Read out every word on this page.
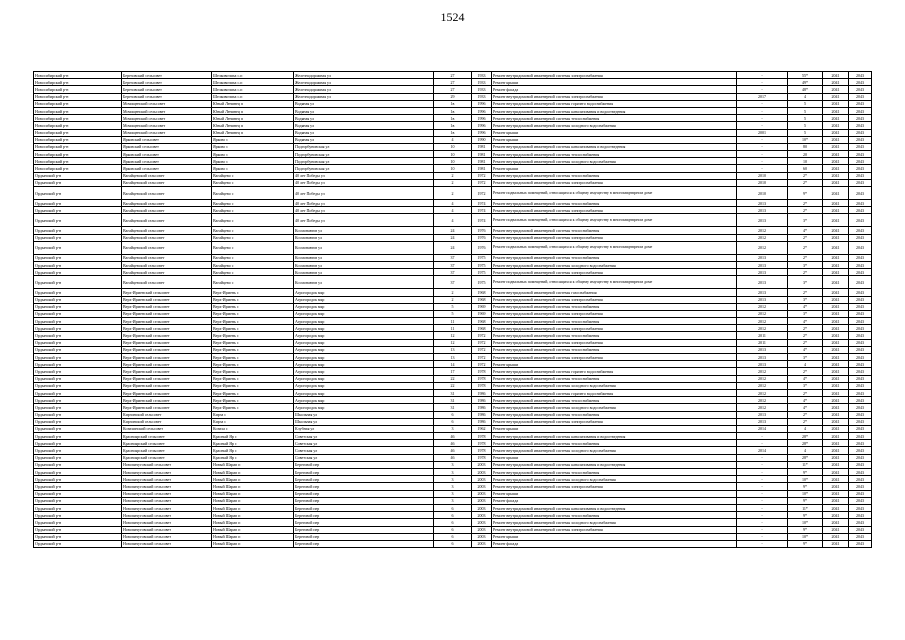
1524
Новосибирский р-н	Березовский сельсовет	Шелковичиха с.п	Железнодорожная ул	27	1933	Ремонт внутридомовой инженерной системы электроснабжения	-	55*	2041	2043
Новосибирский р-н	Березовский сельсовет	Шелковичиха с.п	Железнодорожная ул	27	1933	Ремонт крыши	-	49*	2041	2043
Новосибирский р-н	Березовский сельсовет	Шелковичиха с.п	Железнодорожная ул	27	1933	Ремонт фасада	-	48*	2041	2043
Новосибирский р-н	Березовский сельсовет	Шелковичиха с.п	Железнодорожная ул	29	1933	Ремонт внутридомовой инженерной системы электроснабжения	2017	4	2041	2043
Новосибирский р-н	Мочищенский сельсовет	Юный Ленинец п	Водяная ул	1в	1996	Ремонт внутридомовой инженерной системы горячего водоснабжения	-	5	2041	2043
Новосибирский р-н	Мочищенский сельсовет	Юный Ленинец п	Водяная ул	1в	1996	Ремонт внутридомовой инженерной системы канализования и водоотведения	-	5	2041	2043
Новосибирский р-н	Мочищенский сельсовет	Юный Ленинец п	Водяная ул	1в	1996	Ремонт внутридомовой инженерной системы теплоснабжения	-	5	2041	2043
Новосибирский р-н	Мочищенский сельсовет	Юный Ленинец п	Водяная ул	1в	1996	Ремонт внутридомовой инженерной системы холодного водоснабжения	-	5	2041	2043
Новосибирский р-н	Мочищенский сельсовет	Юный Ленинец п	Водяная ул	1в	1996	Ремонт крыши	2001	5	2041	2043
Новосибирский р-н	Ярковский сельсовет	Ярково с	Водяная ул	4	1990	Ремонт крыши	-	10*	2041	2043
Новосибирский р-н	Ярковский сельсовет	Ярково с	Подгорбуновская ул	10	1981	Ремонт внутридомовой инженерной системы канализования и водоотведения	-	80	2041	2043
Новосибирский р-н	Ярковский сельсовет	Ярково с	Подгорбуновская ул	10	1981	Ремонт внутридомовой инженерной системы теплоснабжения	-	20	2041	2043
Новосибирский р-н	Ярковский сельсовет	Ярково с	Подгорбуновская ул	10	1981	Ремонт внутридомовой инженерной системы холодного водоснабжения	-	10	2041	2043
Новосибирский р-н	Ярковский сельсовет	Ярково с	Подгорбуновская ул	10	1981	Ремонт крыши	-	60	2041	2043
Ордынский р-н	Вагайцевский сельсовет	Вагайцево с	40 лет Победы ул	2	1972	Ремонт внутридомовой инженерной системы теплоснабжения	2010	2*	2041	2043
Ордынский р-н	Вагайцевский сельсовет	Вагайцево с	40 лет Победы ул	2	1972	Ремонт внутридомовой инженерной системы электроснабжения	2010	2*	2041	2043
Ордынский р-н	Вагайцевский сельсовет	Вагайцево с	40 лет Победы ул	2	1972	Ремонт подвальных помещений, относящихся к общему имуществу в многоквартирном доме	2010	9*	2041	2043
Ордынский р-н	Вагайцевский сельсовет	Вагайцево с	40 лет Победы ул	4	1974	Ремонт внутридомовой инженерной системы теплоснабжения	2013	2*	2041	2043
Ордынский р-н	Вагайцевский сельсовет	Вагайцево с	40 лет Победы ул	4	1974	Ремонт внутридомовой инженерной системы электроснабжения	2013	2*	2041	2043
Ордынский р-н	Вагайцевский сельсовет	Вагайцево с	40 лет Победы ул	4	1974	Ремонт подвальных помещений, относящихся к общему имуществу в многоквартирном доме	2013	3*	2041	2043
Ордынский р-н	Вагайцевский сельсовет	Вагайцево с	Космонавтов ул	24	1976	Ремонт внутридомовой инженерной системы теплоснабжения	2012	4*	2041	2043
Ордынский р-н	Вагайцевский сельсовет	Вагайцево с	Космонавтов ул	24	1976	Ремонт внутридомовой инженерной системы электроснабжения	2012	2*	2041	2043
Ордынский р-н	Вагайцевский сельсовет	Вагайцево с	Космонавтов ул	24	1976	Ремонт подвальных помещений, относящихся к общему имуществу в многоквартирном доме	2012	2*	2041	2043
Ордынский р-н	Вагайцевский сельсовет	Вагайцево с	Космонавтов ул	37	1975	Ремонт внутридомовой инженерной системы теплоснабжения	2013	2*	2041	2043
Ордынский р-н	Вагайцевский сельсовет	Вагайцево с	Космонавтов ул	37	1975	Ремонт внутридомовой инженерной системы холодного водоснабжения	2013	3*	2041	2043
Ордынский р-н	Вагайцевский сельсовет	Вагайцево с	Космонавтов ул	37	1975	Ремонт внутридомовой инженерной системы электроснабжения	2013	2*	2041	2043
Ордынский р-н	Вагайцевский сельсовет	Вагайцево с	Космонавтов ул	37	1975	Ремонт подвальных помещений, относящихся к общему имуществу в многоквартирном доме	2013	3*	2041	2043
Ордынский р-н	Верх-Ирменский сельсовет	Верх-Ирмень с	Агрогородок мкр	2	1968	Ремонт внутридомовой инженерной системы газоснабжения	2013	2*	2041	2043
Ордынский р-н	Верх-Ирменский сельсовет	Верх-Ирмень с	Агрогородок мкр	2	1968	Ремонт внутридомовой инженерной системы электроснабжения	2013	3*	2041	2043
Ордынский р-н	Верх-Ирменский сельсовет	Верх-Ирмень с	Агрогородок мкр	5	1969	Ремонт внутридомовой инженерной системы теплоснабжения	2012	4*	2041	2043
Ордынский р-н	Верх-Ирменский сельсовет	Верх-Ирмень с	Агрогородок мкр	5	1969	Ремонт внутридомовой инженерной системы электроснабжения	2012	3*	2041	2043
Ордынский р-н	Верх-Ирменский сельсовет	Верх-Ирмень с	Агрогородок мкр	11	1968	Ремонт внутридомовой инженерной системы теплоснабжения	2012	4*	2041	2043
Ордынский р-н	Верх-Ирменский сельсовет	Верх-Ирмень с	Агрогородок мкр	11	1968	Ремонт внутридомовой инженерной системы электроснабжения	2012	2*	2041	2043
Ордынский р-н	Верх-Ирменский сельсовет	Верх-Ирмень с	Агрогородок мкр	12	1972	Ремонт внутридомовой инженерной системы теплоснабжения	2011	2*	2041	2043
Ордынский р-н	Верх-Ирменский сельсовет	Верх-Ирмень с	Агрогородок мкр	12	1972	Ремонт внутридомовой инженерной системы электроснабжения	2011	2*	2041	2043
Ордынский р-н	Верх-Ирменский сельсовет	Верх-Ирмень с	Агрогородок мкр	13	1972	Ремонт внутридомовой инженерной системы теплоснабжения	2013	4*	2041	2043
Ордынский р-н	Верх-Ирменский сельсовет	Верх-Ирмень с	Агрогородок мкр	13	1972	Ремонт внутридомовой инженерной системы электроснабжения	2013	3*	2041	2043
Ордынский р-н	Верх-Ирменский сельсовет	Верх-Ирмень с	Агрогородок мкр	14	1972	Ремонт крыши	2013	4	2041	2043
Ордынский р-н	Верх-Ирменский сельсовет	Верх-Ирмень с	Агрогородок мкр	17	1978	Ремонт внутридомовой инженерной системы горячего водоснабжения	2012	2*	2041	2043
Ордынский р-н	Верх-Ирменский сельсовет	Верх-Ирмень с	Агрогородок мкр	22	1978	Ремонт внутридомовой инженерной системы теплоснабжения	2012	4*	2041	2043
Ордынский р-н	Верх-Ирменский сельсовет	Верх-Ирмень с	Агрогородок мкр	22	1978	Ремонт внутридомовой инженерной системы холодного водоснабжения	2012	3*	2041	2043
Ордынский р-н	Верх-Ирменский сельсовет	Верх-Ирмень с	Агрогородок мкр	31	1986	Ремонт внутридомовой инженерной системы горячего водоснабжения	2012	2*	2041	2043
Ордынский р-н	Верх-Ирменский сельсовет	Верх-Ирмень с	Агрогородок мкр	31	1986	Ремонт внутридомовой инженерной системы теплоснабжения	2012	4*	2041	2043
Ордынский р-н	Верх-Ирменский сельсовет	Верх-Ирмень с	Агрогородок мкр	31	1986	Ремонт внутридомовой инженерной системы холодного водоснабжения	2012	4*	2041	2043
Ордынский р-н	Кирзинский сельсовет	Кирза с	Школьная ул	6	1986	Ремонт внутридомовой инженерной системы теплоснабжения	2013	2*	2041	2043
Ордынский р-н	Кирзинский сельсовет	Кирза с	Школьная ул	6	1986	Ремонт внутридомовой инженерной системы электроснабжения	2013	2*	2041	2043
Ордынский р-н	Козихинский сельсовет	Козиха с	Клубная ул	3	1962	Ремонт крыши	2014	4	2041	2043
Ордынский р-н	Красноярский сельсовет	Красный Яр с	Советская ул	46	1978	Ремонт внутридомовой инженерной системы канализования и водоотведения	-	28*	2041	2043
Ордынский р-н	Красноярский сельсовет	Красный Яр с	Советская ул	46	1978	Ремонт внутридомовой инженерной системы теплоснабжения	-	28*	2041	2043
Ордынский р-н	Красноярский сельсовет	Красный Яр с	Советская ул	46	1978	Ремонт внутридомовой инженерной системы холодного водоснабжения	2014	4	2041	2043
Ордынский р-н	Красноярский сельсовет	Красный Яр с	Советская ул	46	1978	Ремонт крыши	-	28*	2041	2043
Ордынский р-н	Новопичуговский сельсовет	Новый Шарап п	Береговой пер	3	2003	Ремонт внутридомовой инженерной системы канализования и водоотведения	-	11*	2041	2043
Ордынский р-н	Новопичуговский сельсовет	Новый Шарап п	Береговой пер	3	2003	Ремонт внутридомовой инженерной системы теплоснабжения	-	9*	2041	2043
Ордынский р-н	Новопичуговский сельсовет	Новый Шарап п	Береговой пер	3	2003	Ремонт внутридомовой инженерной системы холодного водоснабжения	-	10*	2041	2043
Ордынский р-н	Новопичуговский сельсовет	Новый Шарап п	Береговой пер	3	2003	Ремонт внутридомовой инженерной системы электроснабжения	-	9*	2041	2043
Ордынский р-н	Новопичуговский сельсовет	Новый Шарап п	Береговой пер	3	2003	Ремонт крыши	-	10*	2041	2043
Ордынский р-н	Новопичуговский сельсовет	Новый Шарап п	Береговой пер	3	2003	Ремонт фасада	-	9*	2041	2043
Ордынский р-н	Новопичуговский сельсовет	Новый Шарап п	Береговой пер	6	2003	Ремонт внутридомовой инженерной системы канализования и водоотведения	-	11*	2041	2043
Ордынский р-н	Новопичуговский сельсовет	Новый Шарап п	Береговой пер	6	2003	Ремонт внутридомовой инженерной системы теплоснабжения	-	9*	2041	2043
Ордынский р-н	Новопичуговский сельсовет	Новый Шарап п	Береговой пер	6	2003	Ремонт внутридомовой инженерной системы холодного водоснабжения	-	10*	2041	2043
Ордынский р-н	Новопичуговский сельсовет	Новый Шарап п	Береговой пер	6	2003	Ремонт внутридомовой инженерной системы электроснабжения	-	9*	2041	2043
Ордынский р-н	Новопичуговский сельсовет	Новый Шарап п	Береговой пер	6	2003	Ремонт крыши	-	10*	2041	2043
Ордынский р-н	Новопичуговский сельсовет	Новый Шарап п	Береговой пер	6	2003	Ремонт фасада	-	9*	2041	2043
